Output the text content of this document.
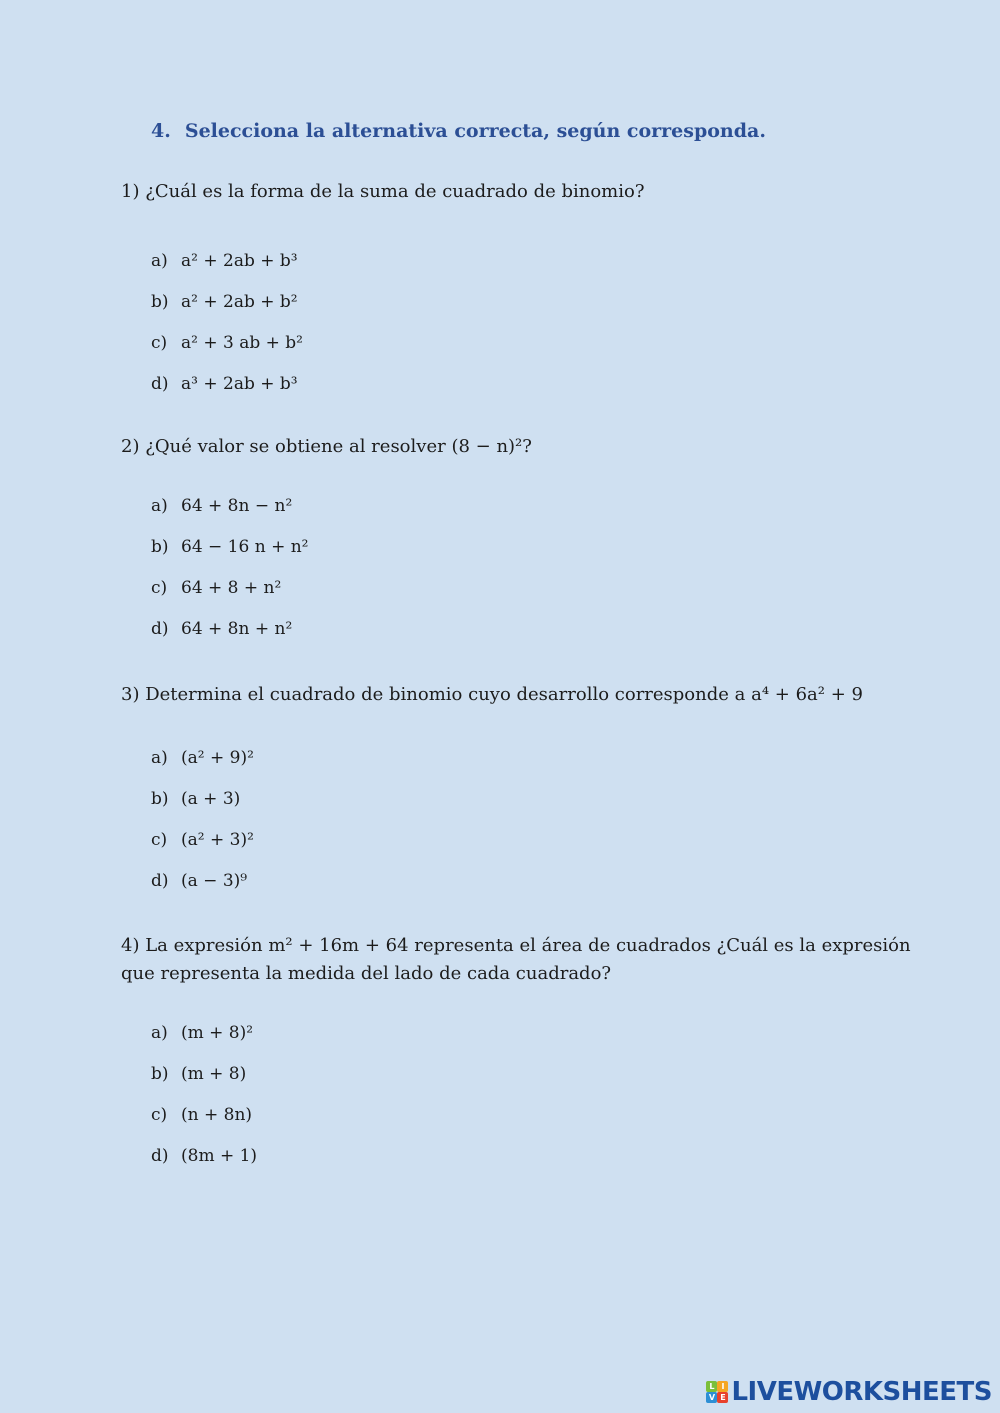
4. Selecciona la alternativa correcta, según corresponda.
1) ¿Cuál es la forma de la suma de cuadrado de binomio?
a) a² + 2ab + b³
b) a² + 2ab + b²
c) a² + 3 ab + b²
d) a³ + 2ab + b³
2) ¿Qué valor se obtiene al resolver (8 − n)²?
a) 64 + 8n − n²
b) 64 − 16 n + n²
c) 64 + 8 + n²
d) 64 + 8n + n²
3) Determina el cuadrado de binomio cuyo desarrollo corresponde a a⁴ + 6a² + 9
a) (a² + 9)²
b) (a + 3)
c) (a² + 3)²
d) (a − 3)⁹
4) La expresión m² + 16m + 64 representa el área de cuadrados ¿Cuál es la expresión
que representa la medida del lado de cada cuadrado?
a) (m + 8)²
b) (m + 8)
c) (n + 8n)
d) (8m + 1)
L I
V E LIVEWORKSHEETS
